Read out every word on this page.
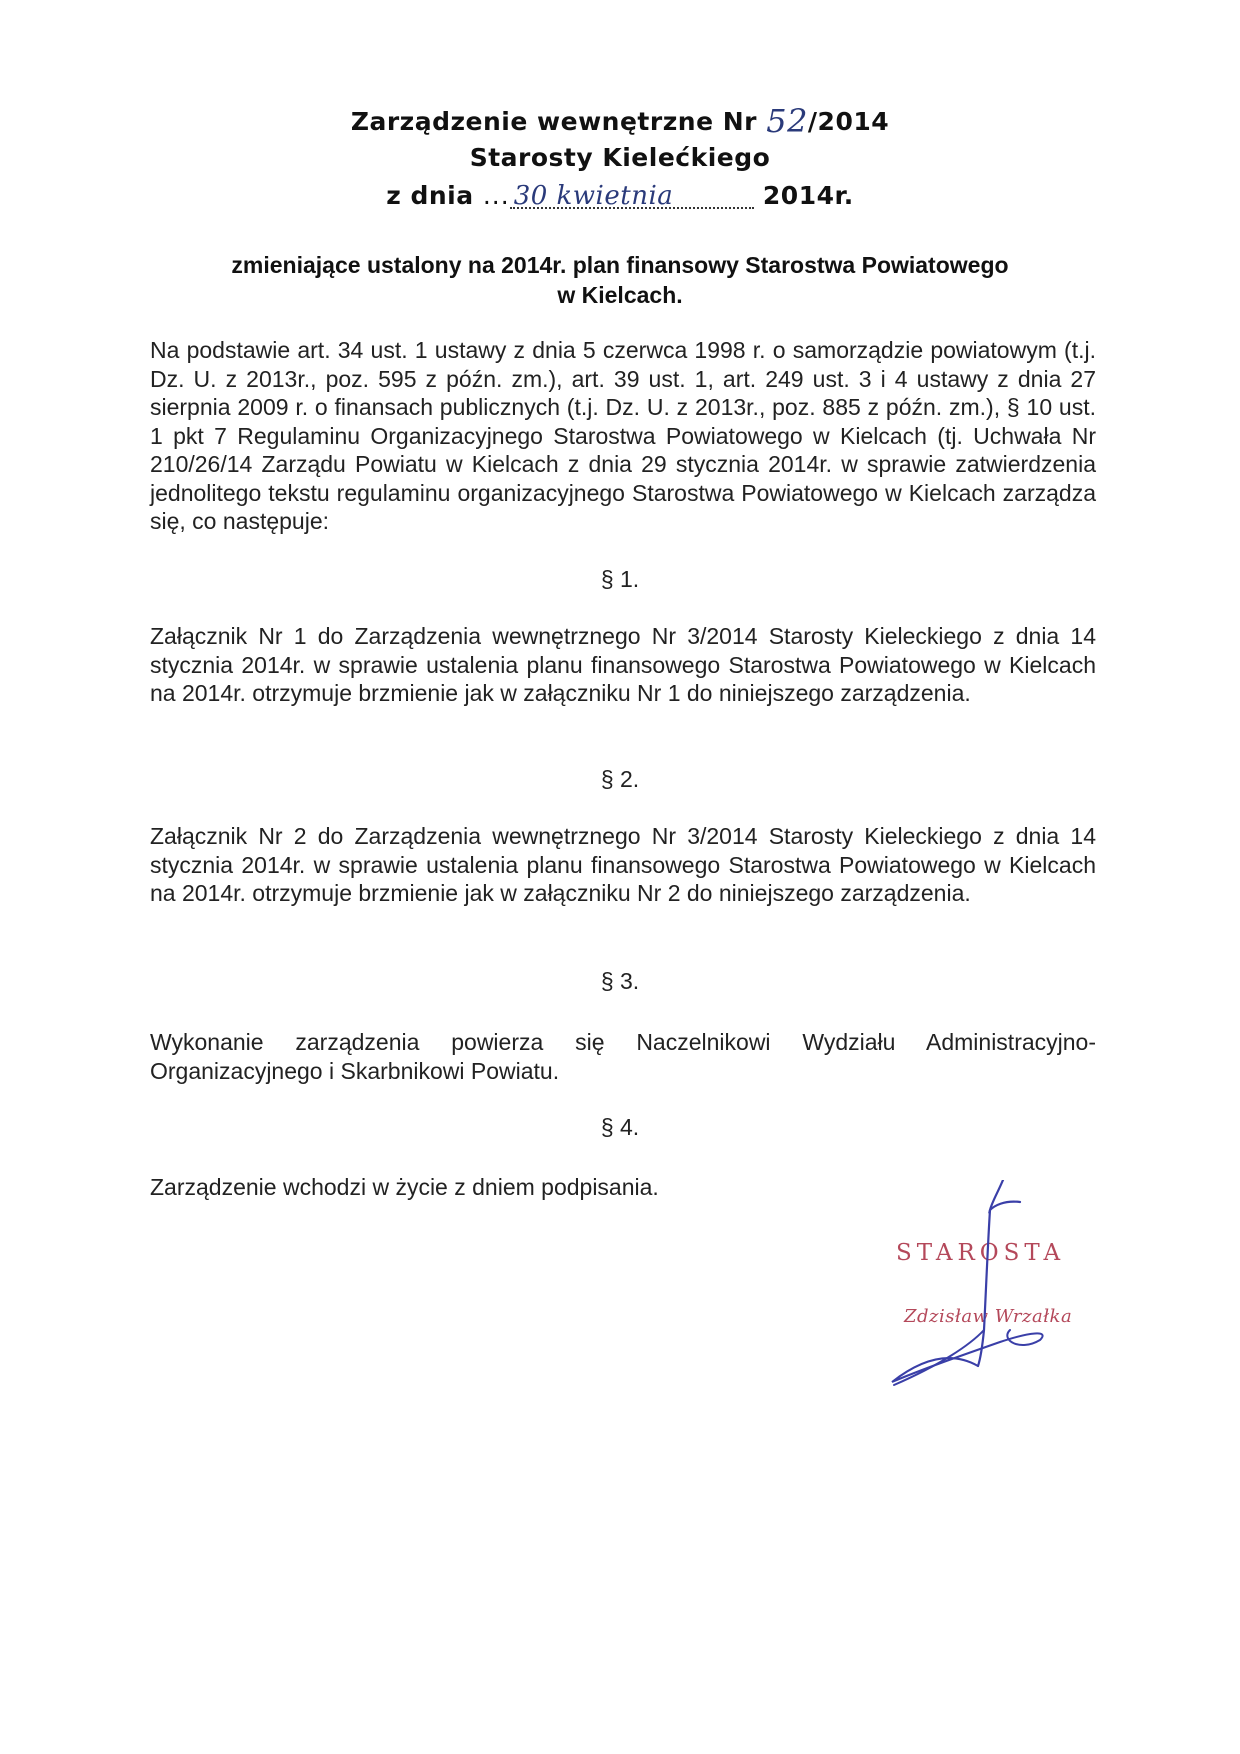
Zarządzenie wewnętrzne Nr 52/2014
Starosty Kielećkiego
z dnia ... 30 kwietnia	2014r.
zmieniające ustalony na 2014r. plan finansowy Starostwa Powiatowego
w Kielcach.
Na podstawie art. 34 ust. 1 ustawy z dnia 5 czerwca 1998 r. o samorządzie powiatowym (t.j. Dz. U. z 2013r., poz. 595 z późn. zm.), art. 39 ust. 1, art. 249 ust. 3 i 4 ustawy z dnia 27 sierpnia 2009 r. o finansach publicznych (t.j. Dz. U. z 2013r., poz. 885 z późn. zm.), § 10 ust. 1 pkt 7 Regulaminu Organizacyjnego Starostwa Powiatowego w Kielcach (tj. Uchwała Nr 210/26/14 Zarządu Powiatu w Kielcach z dnia 29 stycznia 2014r. w sprawie zatwierdzenia jednolitego tekstu regulaminu organizacyjnego Starostwa Powiatowego w Kielcach zarządza się, co następuje:
§ 1.
Załącznik Nr 1 do Zarządzenia wewnętrznego Nr 3/2014 Starosty Kieleckiego z dnia 14 stycznia 2014r. w sprawie ustalenia planu finansowego Starostwa Powiatowego w Kielcach na 2014r. otrzymuje brzmienie jak w załączniku Nr 1 do niniejszego zarządzenia.
§ 2.
Załącznik Nr 2 do Zarządzenia wewnętrznego Nr 3/2014 Starosty Kieleckiego z dnia 14 stycznia 2014r. w sprawie ustalenia planu finansowego Starostwa Powiatowego w Kielcach na 2014r. otrzymuje brzmienie jak w załączniku Nr 2 do niniejszego zarządzenia.
§ 3.
Wykonanie zarządzenia powierza się Naczelnikowi Wydziału Administracyjno-Organizacyjnego i Skarbnikowi Powiatu.
§ 4.
Zarządzenie wchodzi w życie z dniem podpisania.
STAROSTA
Zdzisław Wrzałka
